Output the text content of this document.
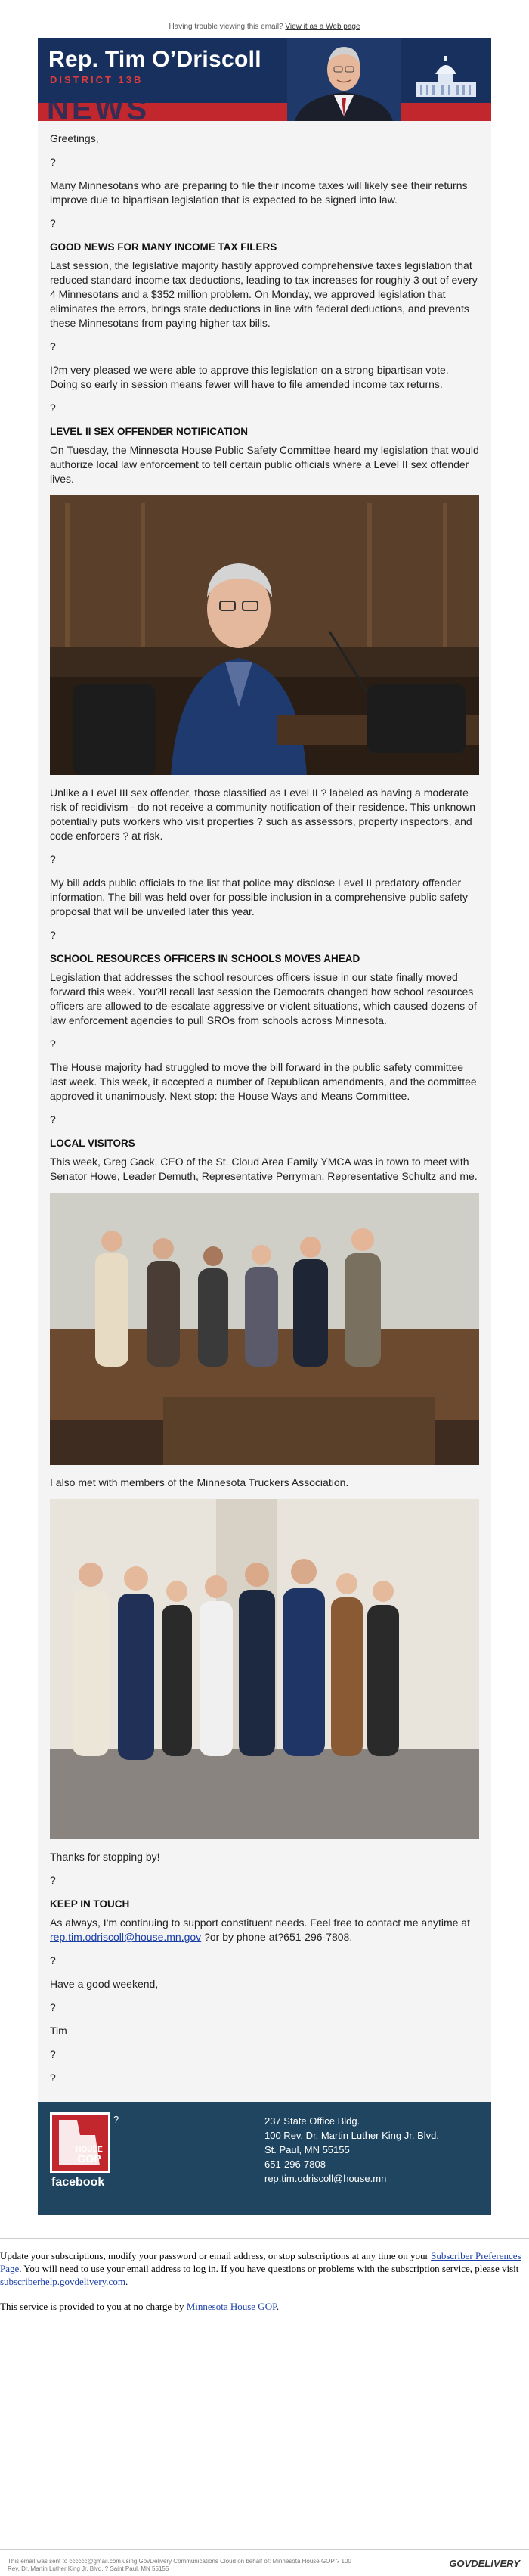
Having trouble viewing this email? View it as a Web page
NEWS
Rep. Tim O’Driscoll
DISTRICT 13B

Greetings,

?

Many Minnesotans who are preparing to file their income taxes will likely see their returns improve due to bipartisan legislation that is expected to be signed into law.

?

GOOD NEWS FOR MANY INCOME TAX FILERS

Last session, the legislative majority hastily approved comprehensive taxes legislation that reduced standard income tax deductions, leading to tax increases for roughly 3 out of every 4 Minnesotans and a $352 million problem. On Monday, we approved legislation that eliminates the errors, brings state deductions in line with federal deductions, and prevents these Minnesotans from paying higher tax bills.

?

I?m very pleased we were able to approve this legislation on a strong bipartisan vote. Doing so early in session means fewer will have to file amended income tax returns.

?

LEVEL II SEX OFFENDER NOTIFICATION

On Tuesday, the Minnesota House Public Safety Committee heard my legislation that would authorize local law enforcement to tell certain public officials where a Level II sex offender lives.

Unlike a Level III sex offender, those classified as Level II ? labeled as having a moderate risk of recidivism - do not receive a community notification of their residence. This unknown potentially puts workers who visit properties ? such as assessors, property inspectors, and code enforcers ? at risk.

?

My bill adds public officials to the list that police may disclose Level II predatory offender information. The bill was held over for possible inclusion in a comprehensive public safety proposal that will be unveiled later this year.

?

SCHOOL RESOURCES OFFICERS IN SCHOOLS MOVES AHEAD

Legislation that addresses the school resources officers issue in our state finally moved forward this week. You?ll recall last session the Democrats changed how school resources officers are allowed to de-escalate aggressive or violent situations, which caused dozens of law enforcement agencies to pull SROs from schools across Minnesota.

?

The House majority had struggled to move the bill forward in the public safety committee last week. This week, it accepted a number of Republican amendments, and the committee approved it unanimously. Next stop: the House Ways and Means Committee.

?

LOCAL VISITORS

This week, Greg Gack, CEO of the St. Cloud Area Family YMCA was in town to meet with Senator Howe, Leader Demuth, Representative Perryman, Representative Schultz and me.

I also met with members of the Minnesota Truckers Association.

Thanks for stopping by!

?

KEEP IN TOUCH

As always, I'm continuing to support constituent needs. Feel free to contact me anytime at rep.tim.odriscoll@house.mn.gov ?or by phone at?651-296-7808.

?

Have a good weekend,

?

Tim

?

?

HOUSE
GOP
facebook
?	237 State Office Bldg.
100 Rev. Dr. Martin Luther King Jr. Blvd.
St. Paul, MN 55155
651-296-7808
rep.tim.odriscoll@house.mn

Update your subscriptions, modify your password or email address, or stop subscriptions at any time on your Subscriber Preferences Page. You will need to use your email address to log in. If you have questions or problems with the subscription service, please visit subscriberhelp.govdelivery.com.

This service is provided to you at no charge by Minnesota House GOP.

This email was sent to cccccc@gmail.com using GovDelivery Communications Cloud on behalf of: Minnesota House GOP ? 100
Rev. Dr. Martin Luther King Jr. Blvd. ? Saint Paul, MN 55155	GOVDELIVERY
